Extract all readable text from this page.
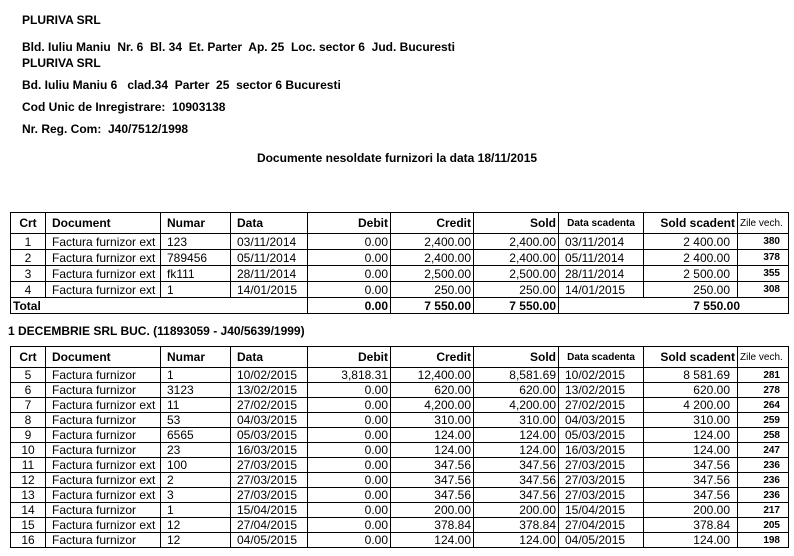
PLURIVA SRL
Bld. Iuliu Maniu  Nr. 6  Bl. 34  Et. Parter  Ap. 25  Loc. sector 6  Jud. Bucuresti
PLURIVA SRL
Bd. Iuliu Maniu 6   clad.34  Parter  25  sector 6 Bucuresti
Cod Unic de Inregistrare:  10903138
Nr. Reg. Com:  J40/7512/1998
Documente nesoldate furnizori la data 18/11/2015
Crt	Document	Numar	Data	Debit	Credit	Sold	Data scadenta	Sold scadent	Zile vech.
1	Factura furnizor ext	123	03/11/2014	0.00	2,400.00	2,400.00	03/11/2014	2 400.00	380
2	Factura furnizor ext	789456	05/11/2014	0.00	2,400.00	2,400.00	05/11/2014	2 400.00	378
3	Factura furnizor ext	fk111	28/11/2014	0.00	2,500.00	2,500.00	28/11/2014	2 500.00	355
4	Factura furnizor ext	1	14/01/2015	0.00	250.00	250.00	14/01/2015	250.00	308
Total				0.00	7 550.00	7 550.00	7 550.00		
1 DECEMBRIE SRL BUC. (11893059 - J40/5639/1999)
Crt	Document	Numar	Data	Debit	Credit	Sold	Data scadenta	Sold scadent	Zile vech.
5	Factura furnizor	1	10/02/2015	3,818.31	12,400.00	8,581.69	10/02/2015	8 581.69	281
6	Factura furnizor	3123	13/02/2015	0.00	620.00	620.00	13/02/2015	620.00	278
7	Factura furnizor ext	11	27/02/2015	0.00	4,200.00	4,200.00	27/02/2015	4 200.00	264
8	Factura furnizor	53	04/03/2015	0.00	310.00	310.00	04/03/2015	310.00	259
9	Factura furnizor	6565	05/03/2015	0.00	124.00	124.00	05/03/2015	124.00	258
10	Factura furnizor	23	16/03/2015	0.00	124.00	124.00	16/03/2015	124.00	247
11	Factura furnizor ext	100	27/03/2015	0.00	347.56	347.56	27/03/2015	347.56	236
12	Factura furnizor ext	2	27/03/2015	0.00	347.56	347.56	27/03/2015	347.56	236
13	Factura furnizor ext	3	27/03/2015	0.00	347.56	347.56	27/03/2015	347.56	236
14	Factura furnizor	1	15/04/2015	0.00	200.00	200.00	15/04/2015	200.00	217
15	Factura furnizor ext	12	27/04/2015	0.00	378.84	378.84	27/04/2015	378.84	205
16	Factura furnizor	12	04/05/2015	0.00	124.00	124.00	04/05/2015	124.00	198
